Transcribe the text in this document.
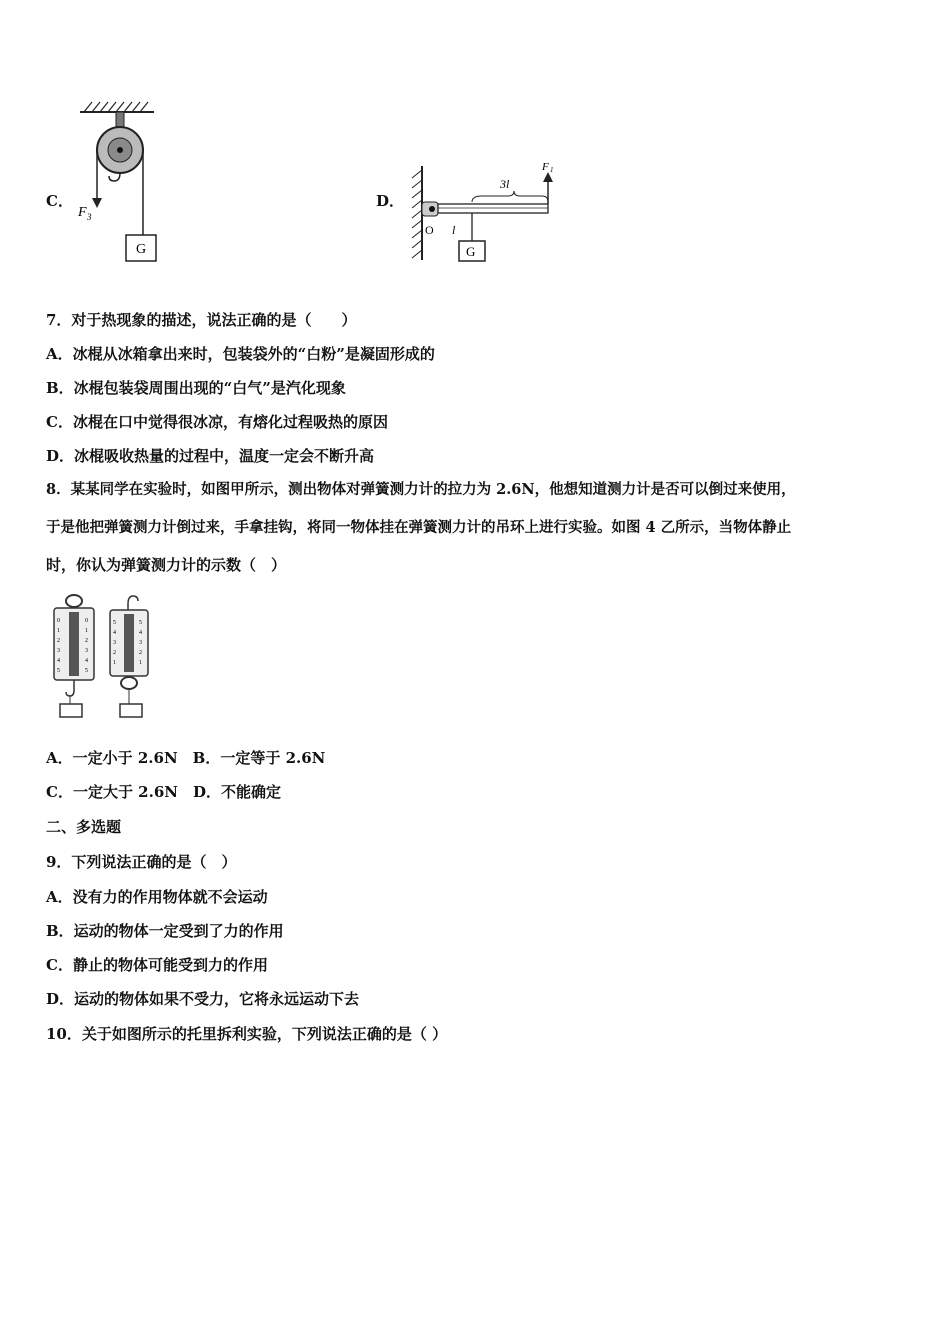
C．
F 3
G
D．
3l
F 1
O l
G
7．对于热现象的描述，说法正确的是（　　）
A．冰棍从冰箱拿出来时，包装袋外的“白粉”是凝固形成的
B．冰棍包装袋周围出现的“白气”是汽化现象
C．冰棍在口中觉得很冰凉，有熔化过程吸热的原因
D．冰棍吸收热量的过程中，温度一定会不断升高
8．某某同学在实验时，如图甲所示，测出物体对弹簧测力计的拉力为 2.6N，他想知道测力计是否可以倒过来使用，
于是他把弹簧测力计倒过来，手拿挂钩，将同一物体挂在弹簧测力计的吊环上进行实验。如图 4 乙所示，当物体静止
时，你认为弹簧测力计的示数（　）
0
1
2
3
4
5
0
1
2
3
4
5
5
4
3
2
1
5
4
3
2
1
A．一定小于 2.6N　B．一定等于 2.6N
C．一定大于 2.6N　D．不能确定
二、多选题
9．下列说法正确的是（　）
A．没有力的作用物体就不会运动
B．运动的物体一定受到了力的作用
C．静止的物体可能受到力的作用
D．运动的物体如果不受力，它将永远运动下去
10．关于如图所示的托里拆利实验，下列说法正确的是（ ）
